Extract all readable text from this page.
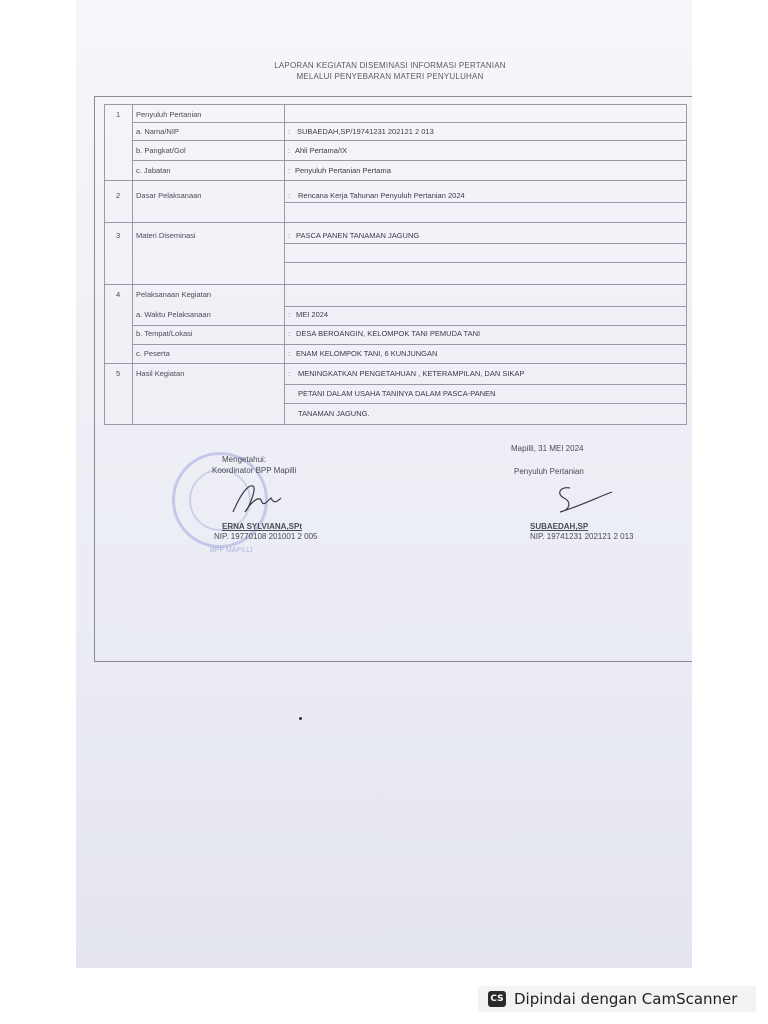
LAPORAN KEGIATAN DISEMINASI INFORMASI PERTANIAN
MELALUI PENYEBARAN MATERI PENYULUHAN
1
2
3
4
5
Penyuluh Pertanian
a. Nama/NIP
b. Pangkat/Gol
c. Jabatan
Dasar Pelaksanaan
Materi Diseminasi
Pelaksanaan Kegiatan
a. Waktu Pelaksanaan
b. Tempat/Lokasi
c. Peserta
Hasil Kegiatan
:
:
:
:
:
:
:
:
:
SUBAEDAH,SP/19741231 202121 2 013
Ahli Pertama/IX
Penyuluh Pertanian Pertama
Rencana Kerja Tahunan Penyuluh Pertanian 2024
PASCA PANEN TANAMAN JAGUNG
MEI 2024
DESA BEROANGIN, KELOMPOK TANI PEMUDA TANI
ENAM KELOMPOK TANI, 6 KUNJUNGAN
MENINGKATKAN PENGETAHUAN , KETERAMPILAN, DAN SIKAP
PETANI DALAM USAHA TANINYA DALAM PASCA-PANEN
TANAMAN JAGUNG.
BPP MAPILLI
Mengetahui:
Koordinator BPP Mapilli
ERNA SYLVIANA,SPt
NIP. 19770108 201001 2 005
Mapilli, 31 MEI 2024
Penyuluh Pertanian
SUBAEDAH,SP
NIP. 19741231 202121 2 013
CS Dipindai dengan CamScanner
